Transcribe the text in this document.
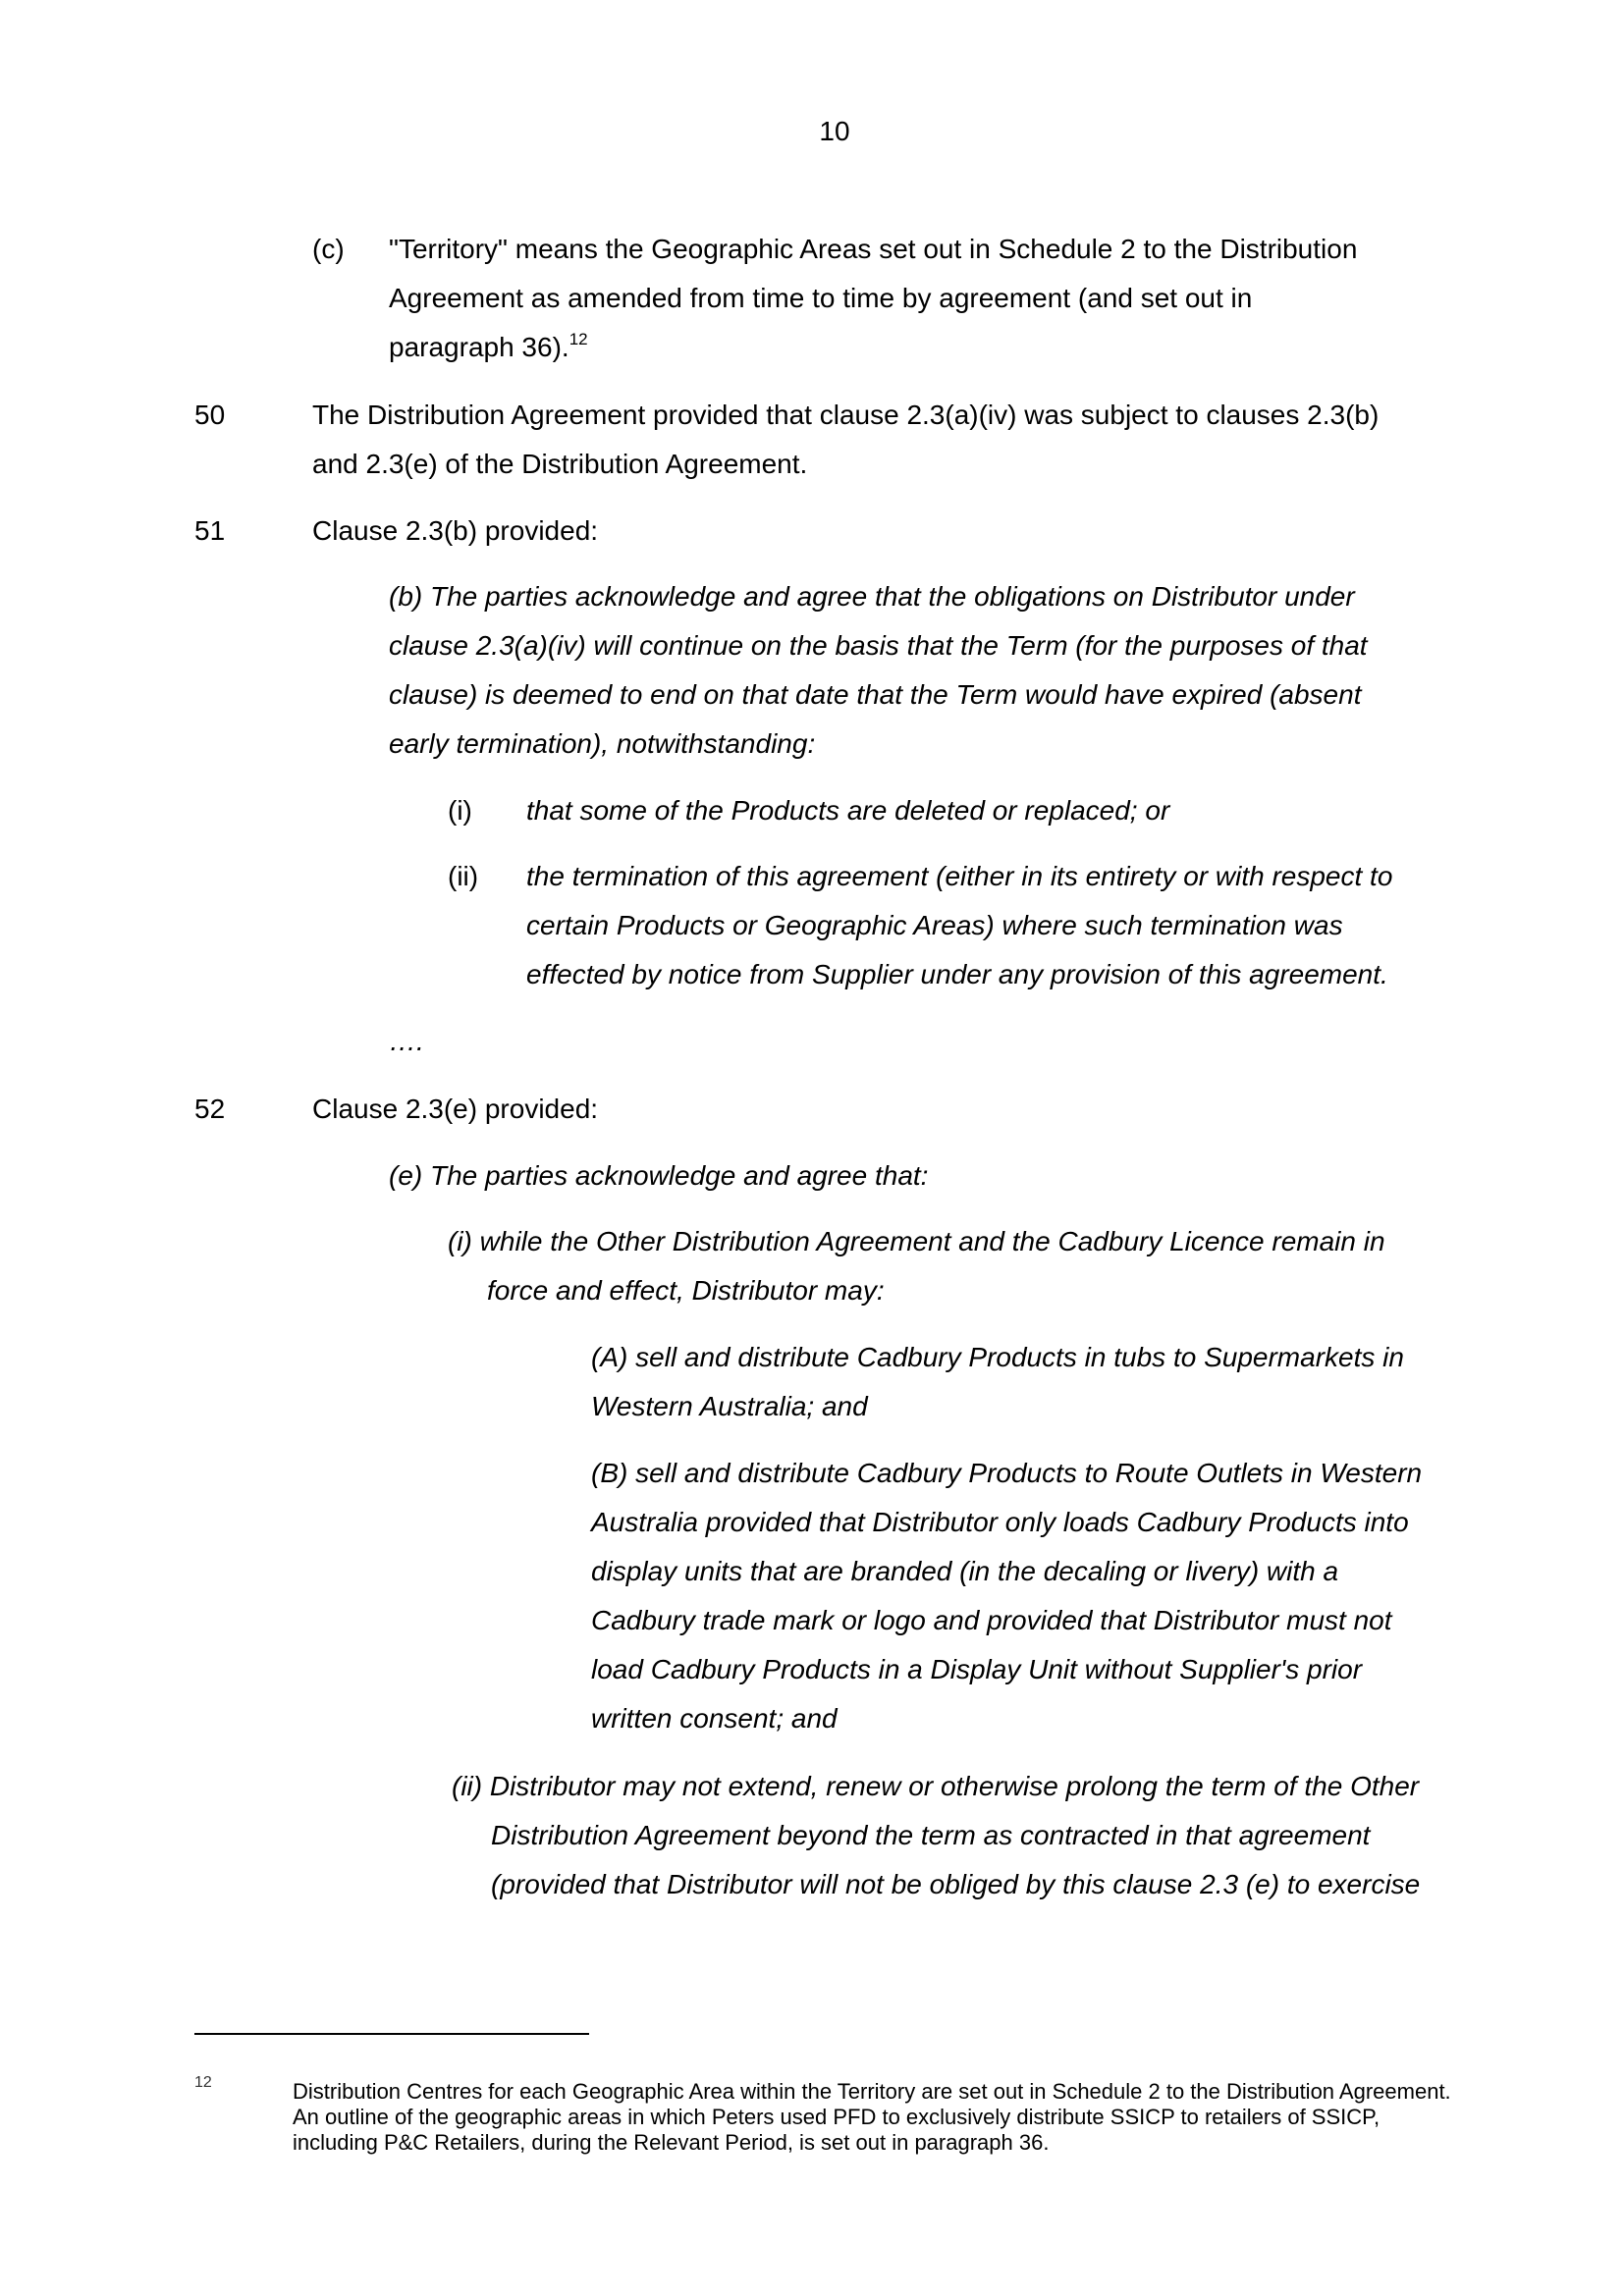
10
(c) "Territory" means the Geographic Areas set out in Schedule 2 to the Distribution
Agreement as amended from time to time by agreement (and set out in
paragraph 36).$^{12}$
50	The Distribution Agreement provided that clause 2.3(a)(iv) was subject to clauses 2.3(b)
and 2.3(e) of the Distribution Agreement.
51	Clause 2.3(b) provided:
(b) The parties acknowledge and agree that the obligations on Distributor under
clause 2.3(a)(iv) will continue on the basis that the Term (for the purposes of that
clause) is deemed to end on that date that the Term would have expired (absent
early termination), notwithstanding:
(i) that some of the Products are deleted or replaced; or
(ii) the termination of this agreement (either in its entirety or with respect to
certain Products or Geographic Areas) where such termination was
effected by notice from Supplier under any provision of this agreement.
….
52	Clause 2.3(e) provided:
(e) The parties acknowledge and agree that:
(i) while the Other Distribution Agreement and the Cadbury Licence remain in
force and effect, Distributor may:
(A) sell and distribute Cadbury Products in tubs to Supermarkets in
Western Australia; and
(B) sell and distribute Cadbury Products to Route Outlets in Western
Australia provided that Distributor only loads Cadbury Products into
display units that are branded (in the decaling or livery) with a
Cadbury trade mark or logo and provided that Distributor must not
load Cadbury Products in a Display Unit without Supplier's prior
written consent; and
(ii) Distributor may not extend, renew or otherwise prolong the term of the Other
Distribution Agreement beyond the term as contracted in that agreement
(provided that Distributor will not be obliged by this clause 2.3 (e) to exercise
12	Distribution Centres for each Geographic Area within the Territory are set out in Schedule 2 to the Distribution Agreement. An outline of the geographic areas in which Peters used PFD to exclusively distribute SSICP to retailers of SSICP, including P&C Retailers, during the Relevant Period, is set out in paragraph 36.
